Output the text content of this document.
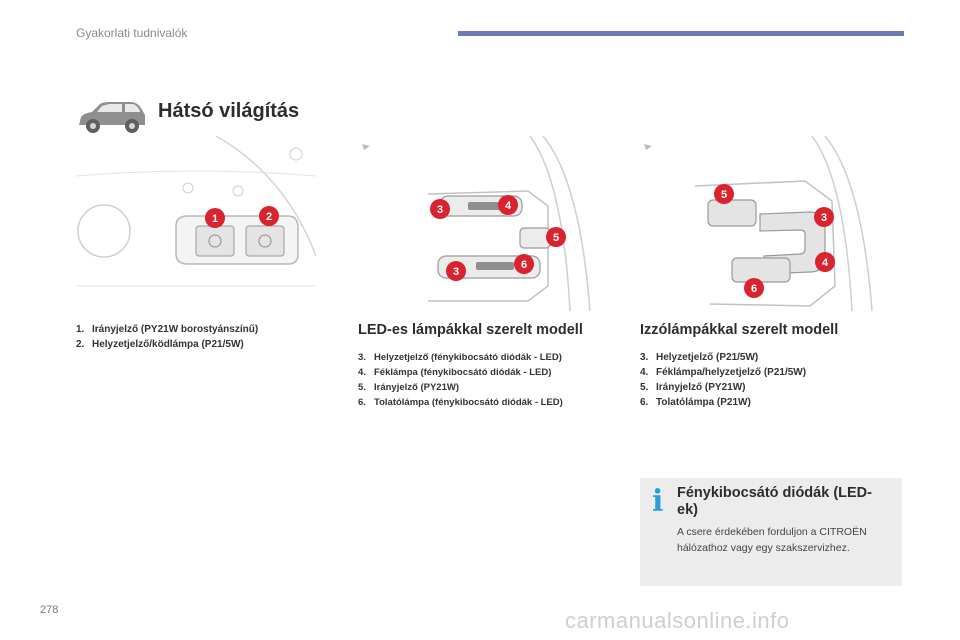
Gyakorlati tudnivalók
Hátsó világítás
1	2
3	4
5
3
6
5
3
4
6
1. Irányjelző (PY21W borostyánszínű)
2. Helyzetjelző/ködlámpa (P21/5W)
LED-es lámpákkal szerelt modell
3. Helyzetjelző (fénykibocsátó diódák - LED)
4. Féklámpa (fénykibocsátó diódák - LED)
5. Irányjelző (PY21W)
6. Tolatólámpa (fénykibocsátó diódák - LED)
Izzólámpákkal szerelt modell
3. Helyzetjelző (P21/5W)
4. Féklámpa/helyzetjelző (P21/5W)
5. Irányjelző (PY21W)
6. Tolatólámpa (P21W)
i Fénykibocsátó diódák (LED-ek)
A csere érdekében forduljon a CITROËN hálózathoz vagy egy szakszervizhez.
278	carmanualsonline.info
